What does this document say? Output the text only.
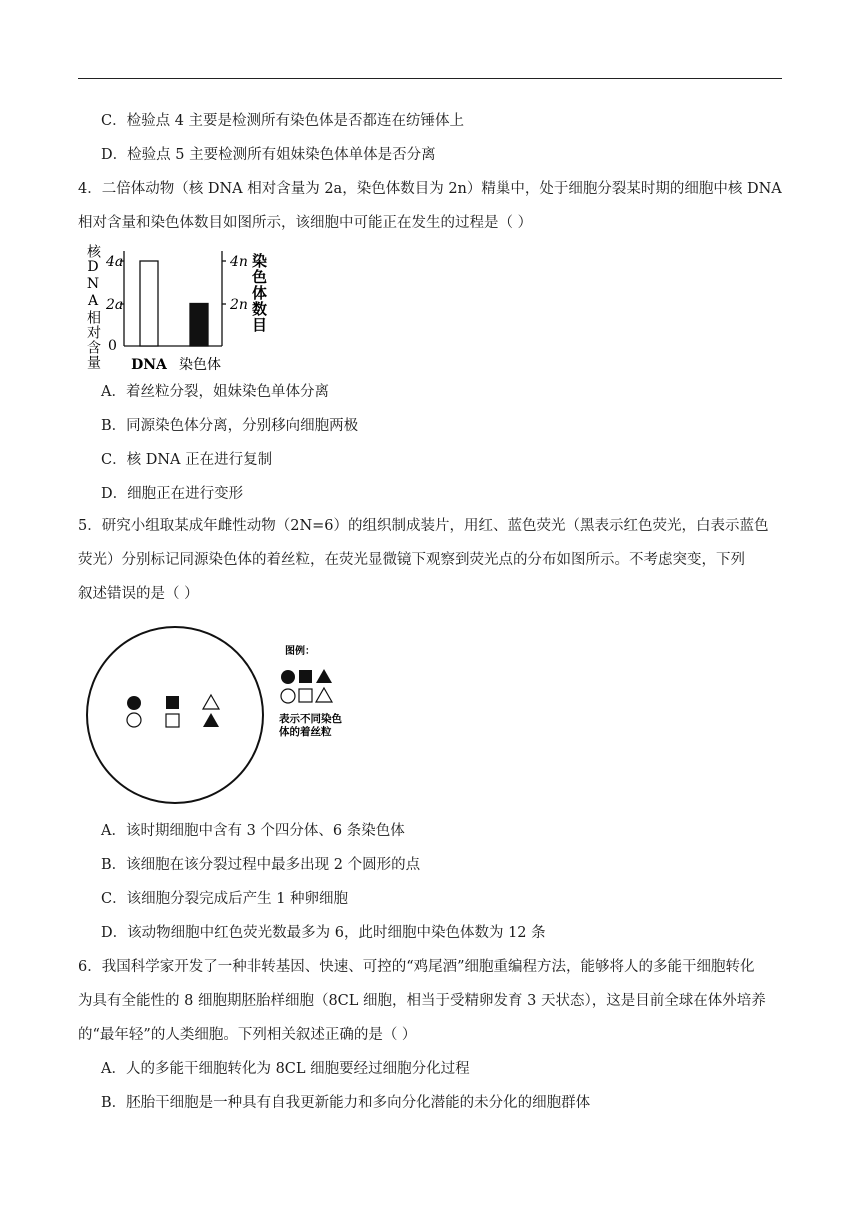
C．检验点 4 主要是检测所有染色体是否都连在纺锤体上
D．检验点 5 主要检测所有姐妹染色体单体是否分离
4．二倍体动物（核 DNA 相对含量为 2a，染色体数目为 2n）精巢中，处于细胞分裂某时期的细胞中核 DNA
相对含量和染色体数目如图所示，该细胞中可能正在发生的过程是（ ）
核DNA相对含量 4a
2a
0
4n
2n 染色体数目
DNA 染色体
A．着丝粒分裂，姐妹染色单体分离
B．同源染色体分离，分别移向细胞两极
C．核 DNA 正在进行复制
D．细胞正在进行变形
5．研究小组取某成年雌性动物（2N=6）的组织制成装片，用红、蓝色荧光（黑表示红色荧光，白表示蓝色
荧光）分别标记同源染色体的着丝粒，在荧光显微镜下观察到荧光点的分布如图所示。不考虑突变，下列
叙述错误的是（ ）
图例：
表示不同染色
体的着丝粒
A．该时期细胞中含有 3 个四分体、6 条染色体
B．该细胞在该分裂过程中最多出现 2 个圆形的点
C．该细胞分裂完成后产生 1 种卵细胞
D．该动物细胞中红色荧光数最多为 6，此时细胞中染色体数为 12 条
6．我国科学家开发了一种非转基因、快速、可控的“鸡尾酒”细胞重编程方法，能够将人的多能干细胞转化
为具有全能性的 8 细胞期胚胎样细胞（8CL 细胞，相当于受精卵发育 3 天状态），这是目前全球在体外培养
的“最年轻”的人类细胞。下列相关叙述正确的是（ ）
A．人的多能干细胞转化为 8CL 细胞要经过细胞分化过程
B．胚胎干细胞是一种具有自我更新能力和多向分化潜能的未分化的细胞群体
